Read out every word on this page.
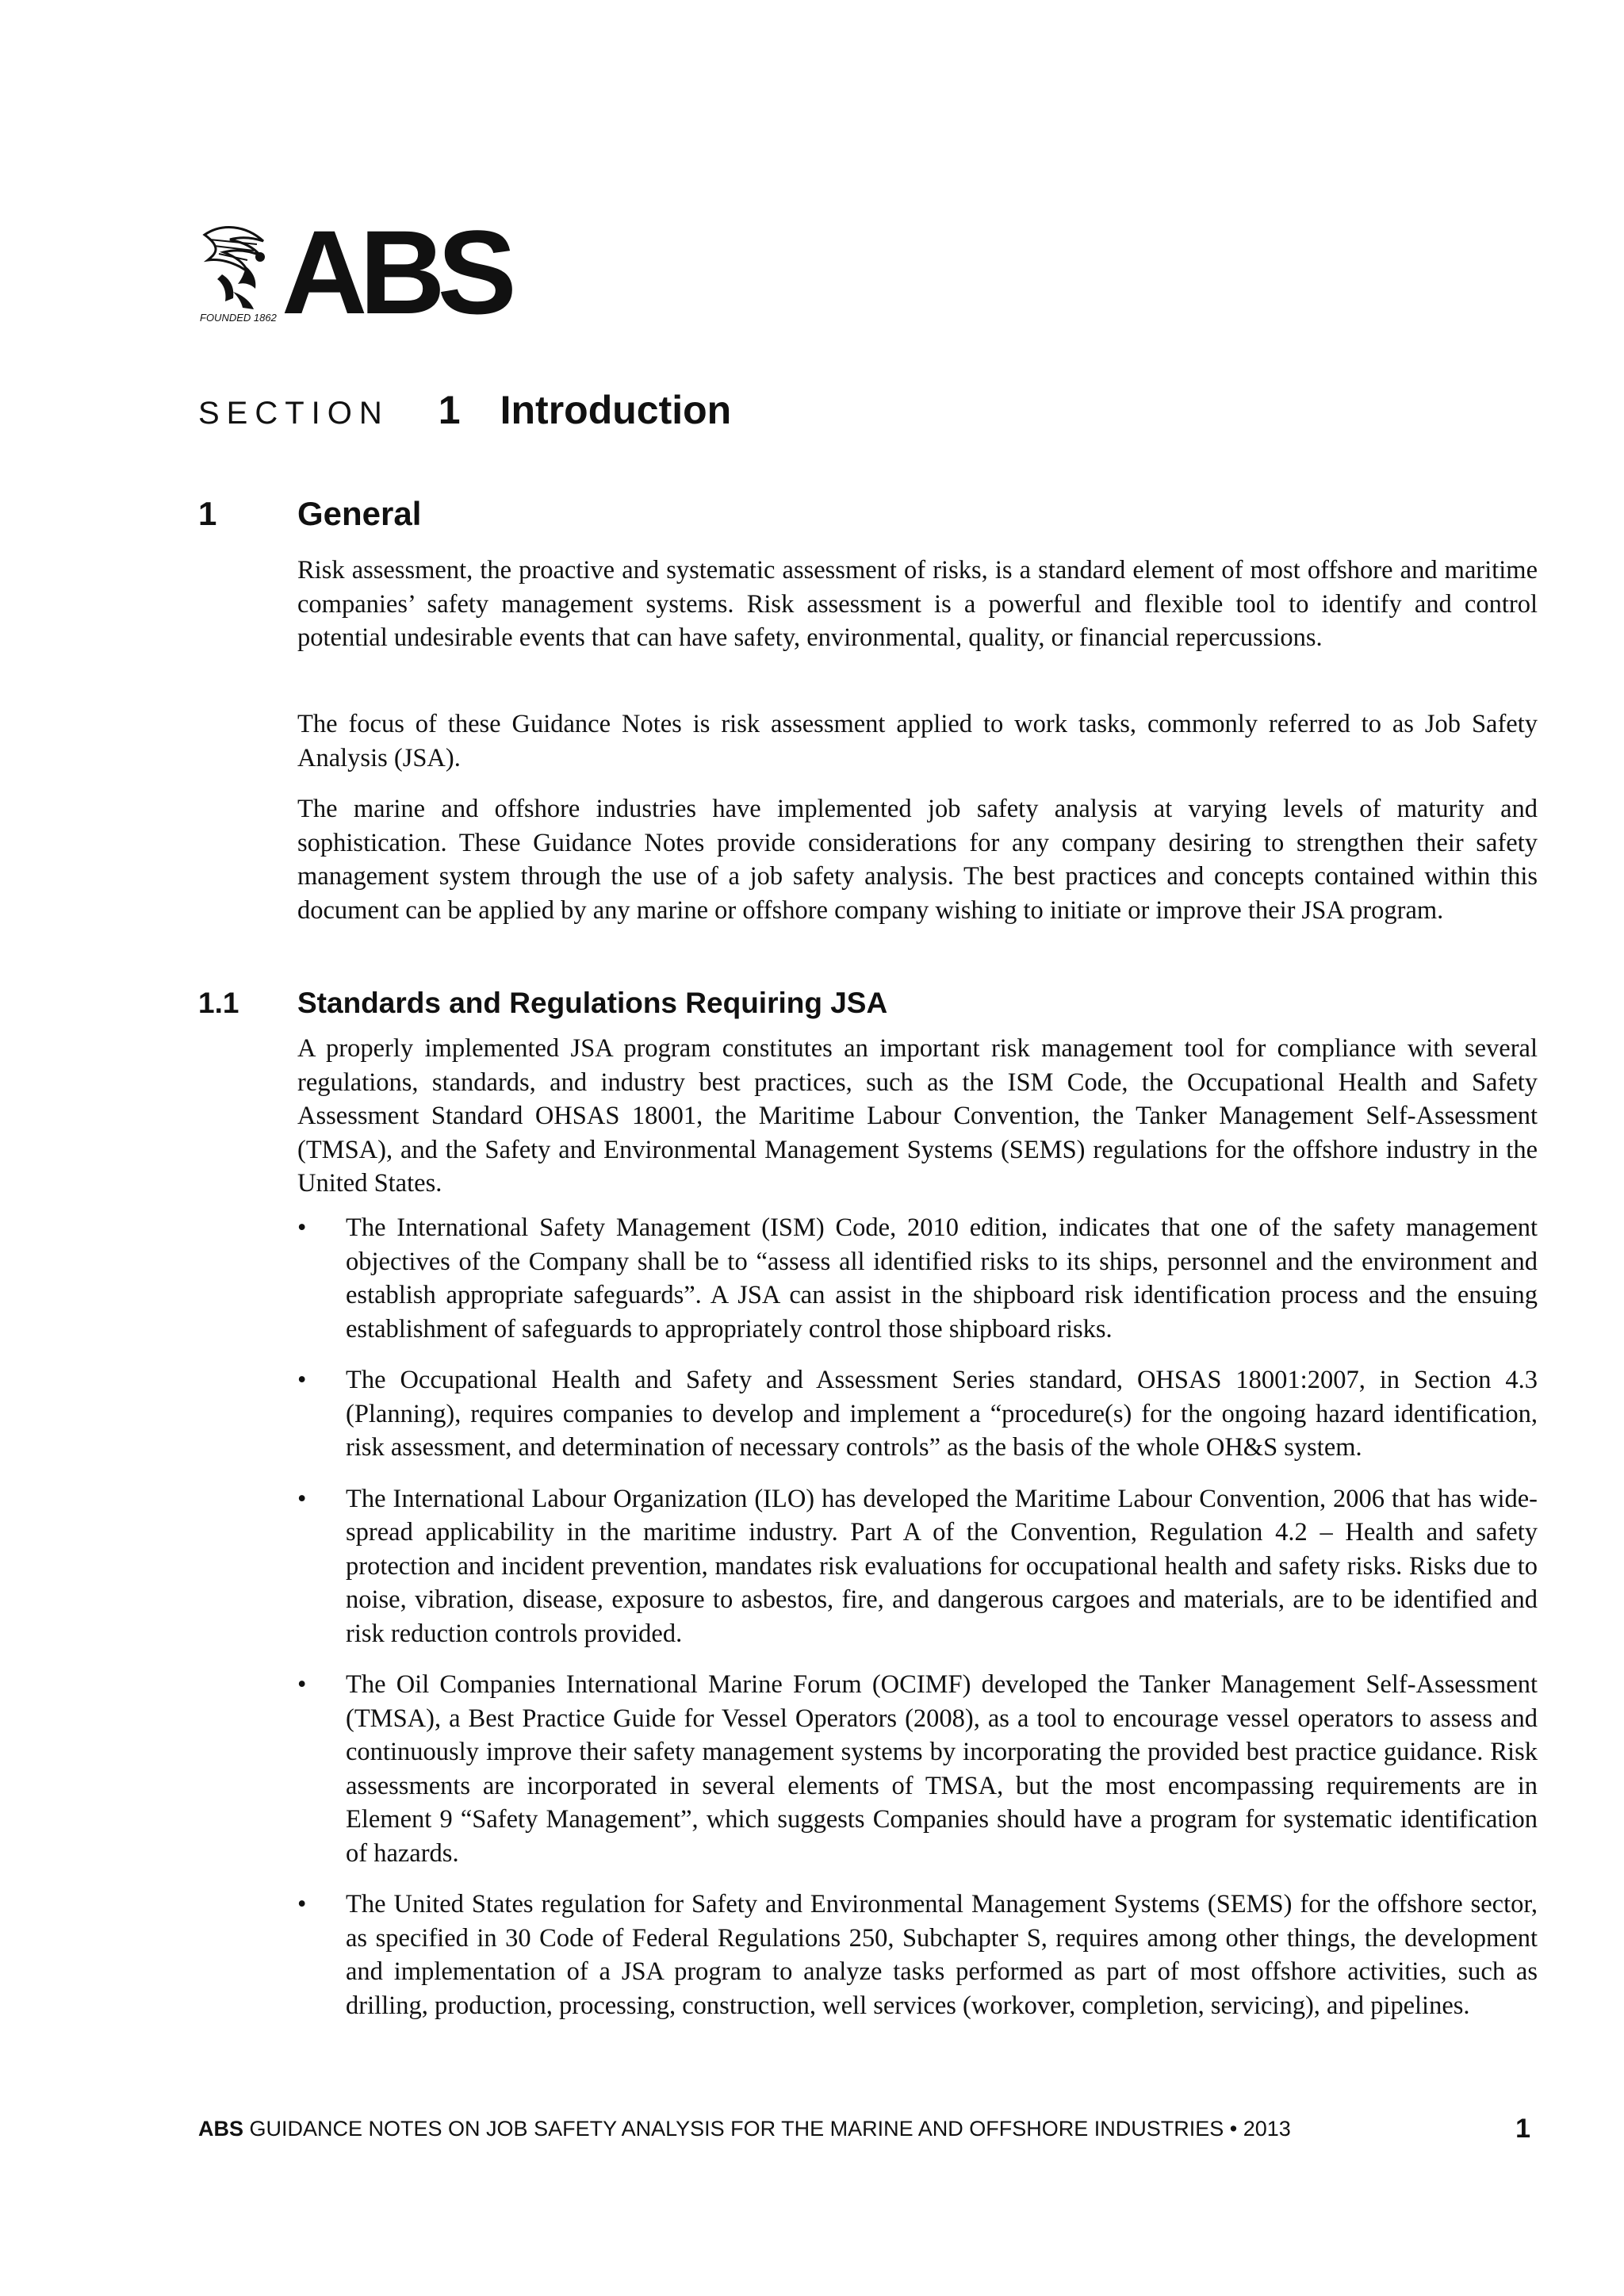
ABS
FOUNDED 1862
SECTION 1 Introduction
1 General

Risk assessment, the proactive and systematic assessment of risks, is a standard element of most offshore and maritime companies’ safety management systems. Risk assessment is a powerful and flexible tool to identify and control potential undesirable events that can have safety, environmental, quality, or financial repercussions.

The focus of these Guidance Notes is risk assessment applied to work tasks, commonly referred to as Job Safety Analysis (JSA).

The marine and offshore industries have implemented job safety analysis at varying levels of maturity and sophistication. These Guidance Notes provide considerations for any company desiring to strengthen their safety management system through the use of a job safety analysis. The best practices and concepts contained within this document can be applied by any marine or offshore company wishing to initiate or improve their JSA program.

1.1 Standards and Regulations Requiring JSA

A properly implemented JSA program constitutes an important risk management tool for compliance with several regulations, standards, and industry best practices, such as the ISM Code, the Occupational Health and Safety Assessment Standard OHSAS 18001, the Maritime Labour Convention, the Tanker Management Self-Assessment (TMSA), and the Safety and Environmental Management Systems (SEMS) regulations for the offshore industry in the United States.

• The International Safety Management (ISM) Code, 2010 edition, indicates that one of the safety management objectives of the Company shall be to “assess all identified risks to its ships, personnel and the environment and establish appropriate safeguards”. A JSA can assist in the shipboard risk identification process and the ensuing establishment of safeguards to appropriately control those shipboard risks.
• The Occupational Health and Safety and Assessment Series standard, OHSAS 18001:2007, in Section 4.3 (Planning), requires companies to develop and implement a “procedure(s) for the ongoing hazard identification, risk assessment, and determination of necessary controls” as the basis of the whole OH&S system.
• The International Labour Organization (ILO) has developed the Maritime Labour Convention, 2006 that has wide-spread applicability in the maritime industry. Part A of the Convention, Regulation 4.2 – Health and safety protection and incident prevention, mandates risk evaluations for occupational health and safety risks. Risks due to noise, vibration, disease, exposure to asbestos, fire, and dangerous cargoes and materials, are to be identified and risk reduction controls provided.
• The Oil Companies International Marine Forum (OCIMF) developed the Tanker Management Self-Assessment (TMSA), a Best Practice Guide for Vessel Operators (2008), as a tool to encourage vessel operators to assess and continuously improve their safety management systems by incorporating the provided best practice guidance. Risk assessments are incorporated in several elements of TMSA, but the most encompassing requirements are in Element 9 “Safety Management”, which suggests Companies should have a program for systematic identification of hazards.
• The United States regulation for Safety and Environmental Management Systems (SEMS) for the offshore sector, as specified in 30 Code of Federal Regulations 250, Subchapter S, requires among other things, the development and implementation of a JSA program to analyze tasks performed as part of most offshore activities, such as drilling, production, processing, construction, well services (workover, completion, servicing), and pipelines.
ABS GUIDANCE NOTES ON JOB SAFETY ANALYSIS FOR THE MARINE AND OFFSHORE INDUSTRIES • 2013	1
